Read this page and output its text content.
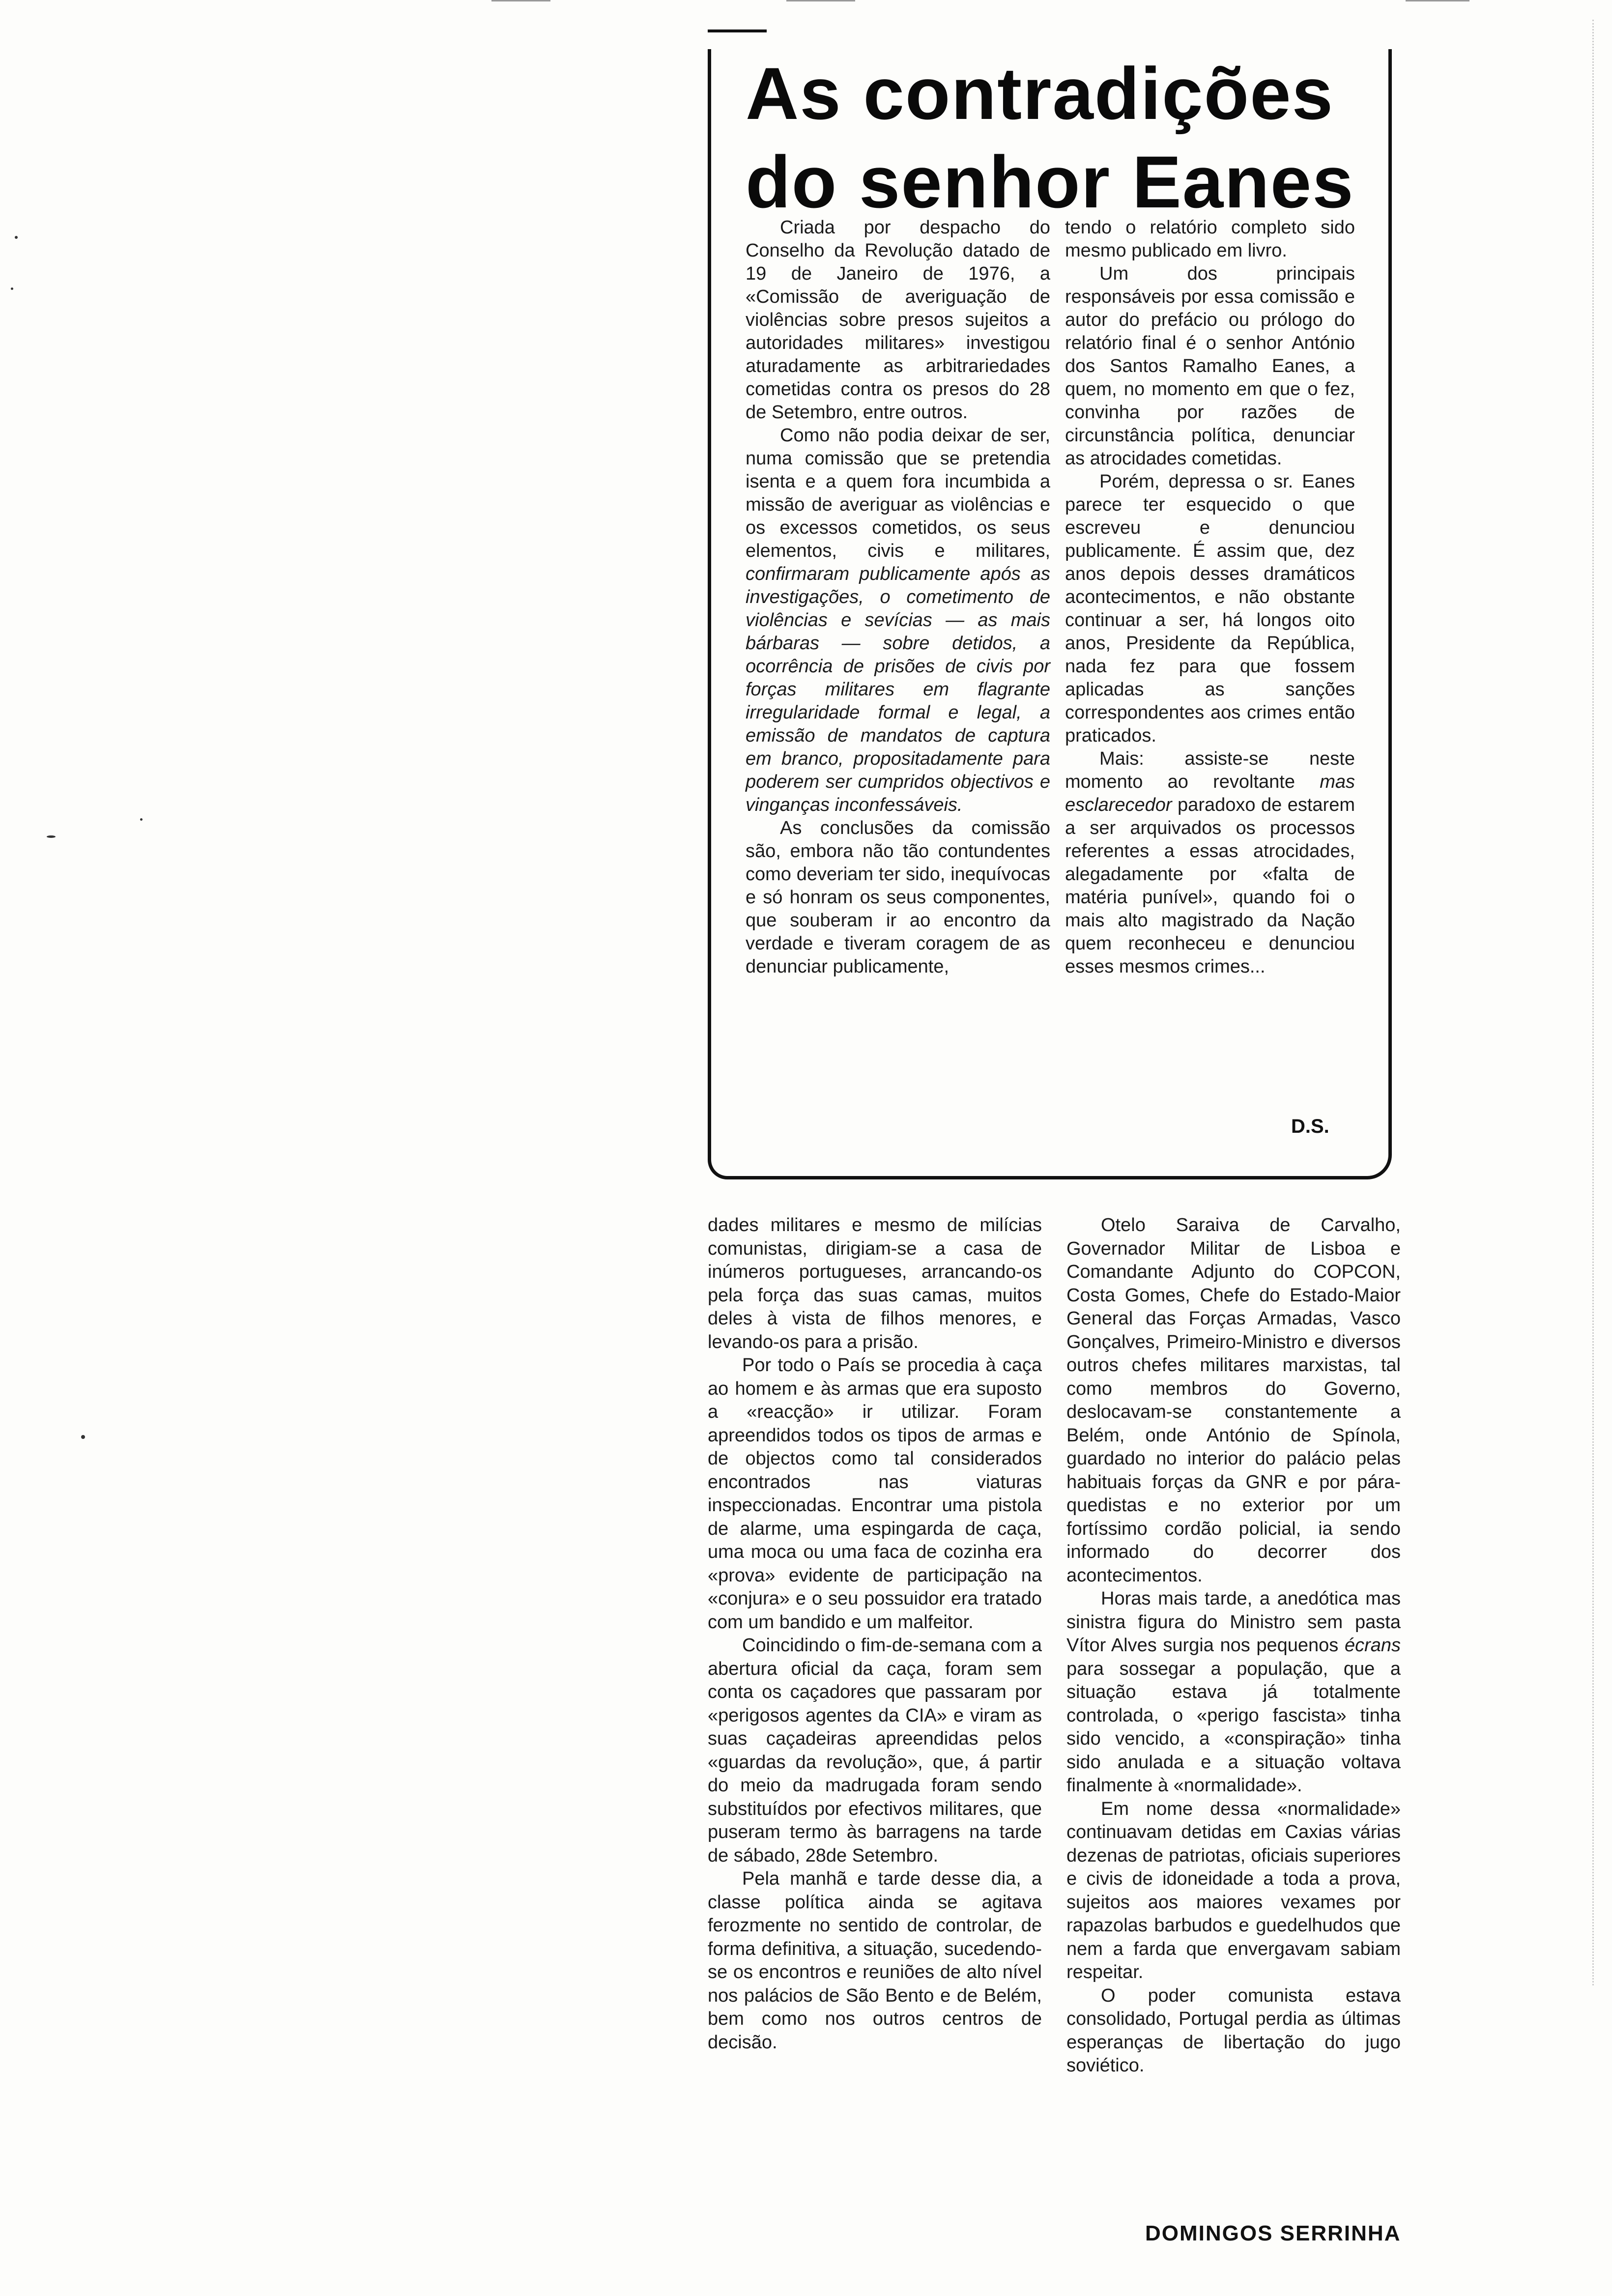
As contradições
do senhor Eanes

Criada por despacho do Conselho da Revolução datado de 19 de Janeiro de 1976, a «Comissão de averiguação de violências sobre presos sujeitos a autoridades militares» investigou aturadamente as arbitrariedades cometidas contra os presos do 28 de Setembro, entre outros.

Como não podia deixar de ser, numa comissão que se pretendia isenta e a quem fora incumbida a missão de averiguar as violências e os excessos cometidos, os seus elementos, civis e militares, confirmaram publicamente após as investigações, o cometimento de violências e sevícias — as mais bárbaras — sobre detidos, a ocorrência de prisões de civis por forças militares em flagrante irregularidade formal e legal, a emissão de mandatos de captura em branco, propositadamente para poderem ser cumpridos objectivos e vinganças inconfessáveis.

As conclusões da comissão são, embora não tão contundentes como deveriam ter sido, inequívocas e só honram os seus componentes, que souberam ir ao encontro da verdade e tiveram coragem de as denunciar publicamente,

tendo o relatório completo sido mesmo publicado em livro.

Um dos principais responsáveis por essa comissão e autor do prefácio ou prólogo do relatório final é o senhor António dos Santos Ramalho Eanes, a quem, no momento em que o fez, convinha por razões de circunstância política, denunciar as atrocidades cometidas.

Porém, depressa o sr. Eanes parece ter esquecido o que escreveu e denunciou publicamente. É assim que, dez anos depois desses dramáticos acontecimentos, e não obstante continuar a ser, há longos oito anos, Presidente da República, nada fez para que fossem aplicadas as sanções correspondentes aos crimes então praticados.

Mais: assiste-se neste momento ao revoltante mas esclarecedor paradoxo de estarem a ser arquivados os processos referentes a essas atrocidades, alegadamente por «falta de matéria punível», quando foi o mais alto magistrado da Nação quem reconheceu e denunciou esses mesmos crimes...

D.S.

dades militares e mesmo de milícias comunistas, dirigiam-se a casa de inúmeros portugueses, arrancando-os pela força das suas camas, muitos deles à vista de filhos menores, e levando-os para a prisão.

Por todo o País se procedia à caça ao homem e às armas que era suposto a «reacção» ir utilizar. Foram apreendidos todos os tipos de armas e de objectos como tal considerados encontrados nas viaturas inspeccionadas. Encontrar uma pistola de alarme, uma espingarda de caça, uma moca ou uma faca de cozinha era «prova» evidente de participação na «conjura» e o seu possuidor era tratado com um bandido e um malfeitor.

Coincidindo o fim-de-semana com a abertura oficial da caça, foram sem conta os caçadores que passaram por «perigosos agentes da CIA» e viram as suas caçadeiras apreendidas pelos «guardas da revolução», que, á partir do meio da madrugada foram sendo substituídos por efectivos militares, que puseram termo às barragens na tarde de sábado, 28de Setembro.

Pela manhã e tarde desse dia, a classe política ainda se agitava ferozmente no sentido de controlar, de forma definitiva, a situação, sucedendo-se os encontros e reuniões de alto nível nos palácios de São Bento e de Belém, bem como nos outros centros de decisão.

Otelo Saraiva de Carvalho, Governador Militar de Lisboa e Comandante Adjunto do COPCON, Costa Gomes, Chefe do Estado-Maior General das Forças Armadas, Vasco Gonçalves, Primeiro-Ministro e diversos outros chefes militares marxistas, tal como membros do Governo, deslocavam-se constantemente a Belém, onde António de Spínola, guardado no interior do palácio pelas habituais forças da GNR e por pára-quedistas e no exterior por um fortíssimo cordão policial, ia sendo informado do decorrer dos acontecimentos.

Horas mais tarde, a anedótica mas sinistra figura do Ministro sem pasta Vítor Alves surgia nos pequenos écrans para sossegar a população, que a situação estava já totalmente controlada, o «perigo fascista» tinha sido vencido, a «conspiração» tinha sido anulada e a situação voltava finalmente à «normalidade».

Em nome dessa «normalidade» continuavam detidas em Caxias várias dezenas de patriotas, oficiais superiores e civis de idoneidade a toda a prova, sujeitos aos maiores vexames por rapazolas barbudos e guedelhudos que nem a farda que envergavam sabiam respeitar.

O poder comunista estava consolidado, Portugal perdia as últimas esperanças de libertação do jugo soviético.

DOMINGOS SERRINHA
